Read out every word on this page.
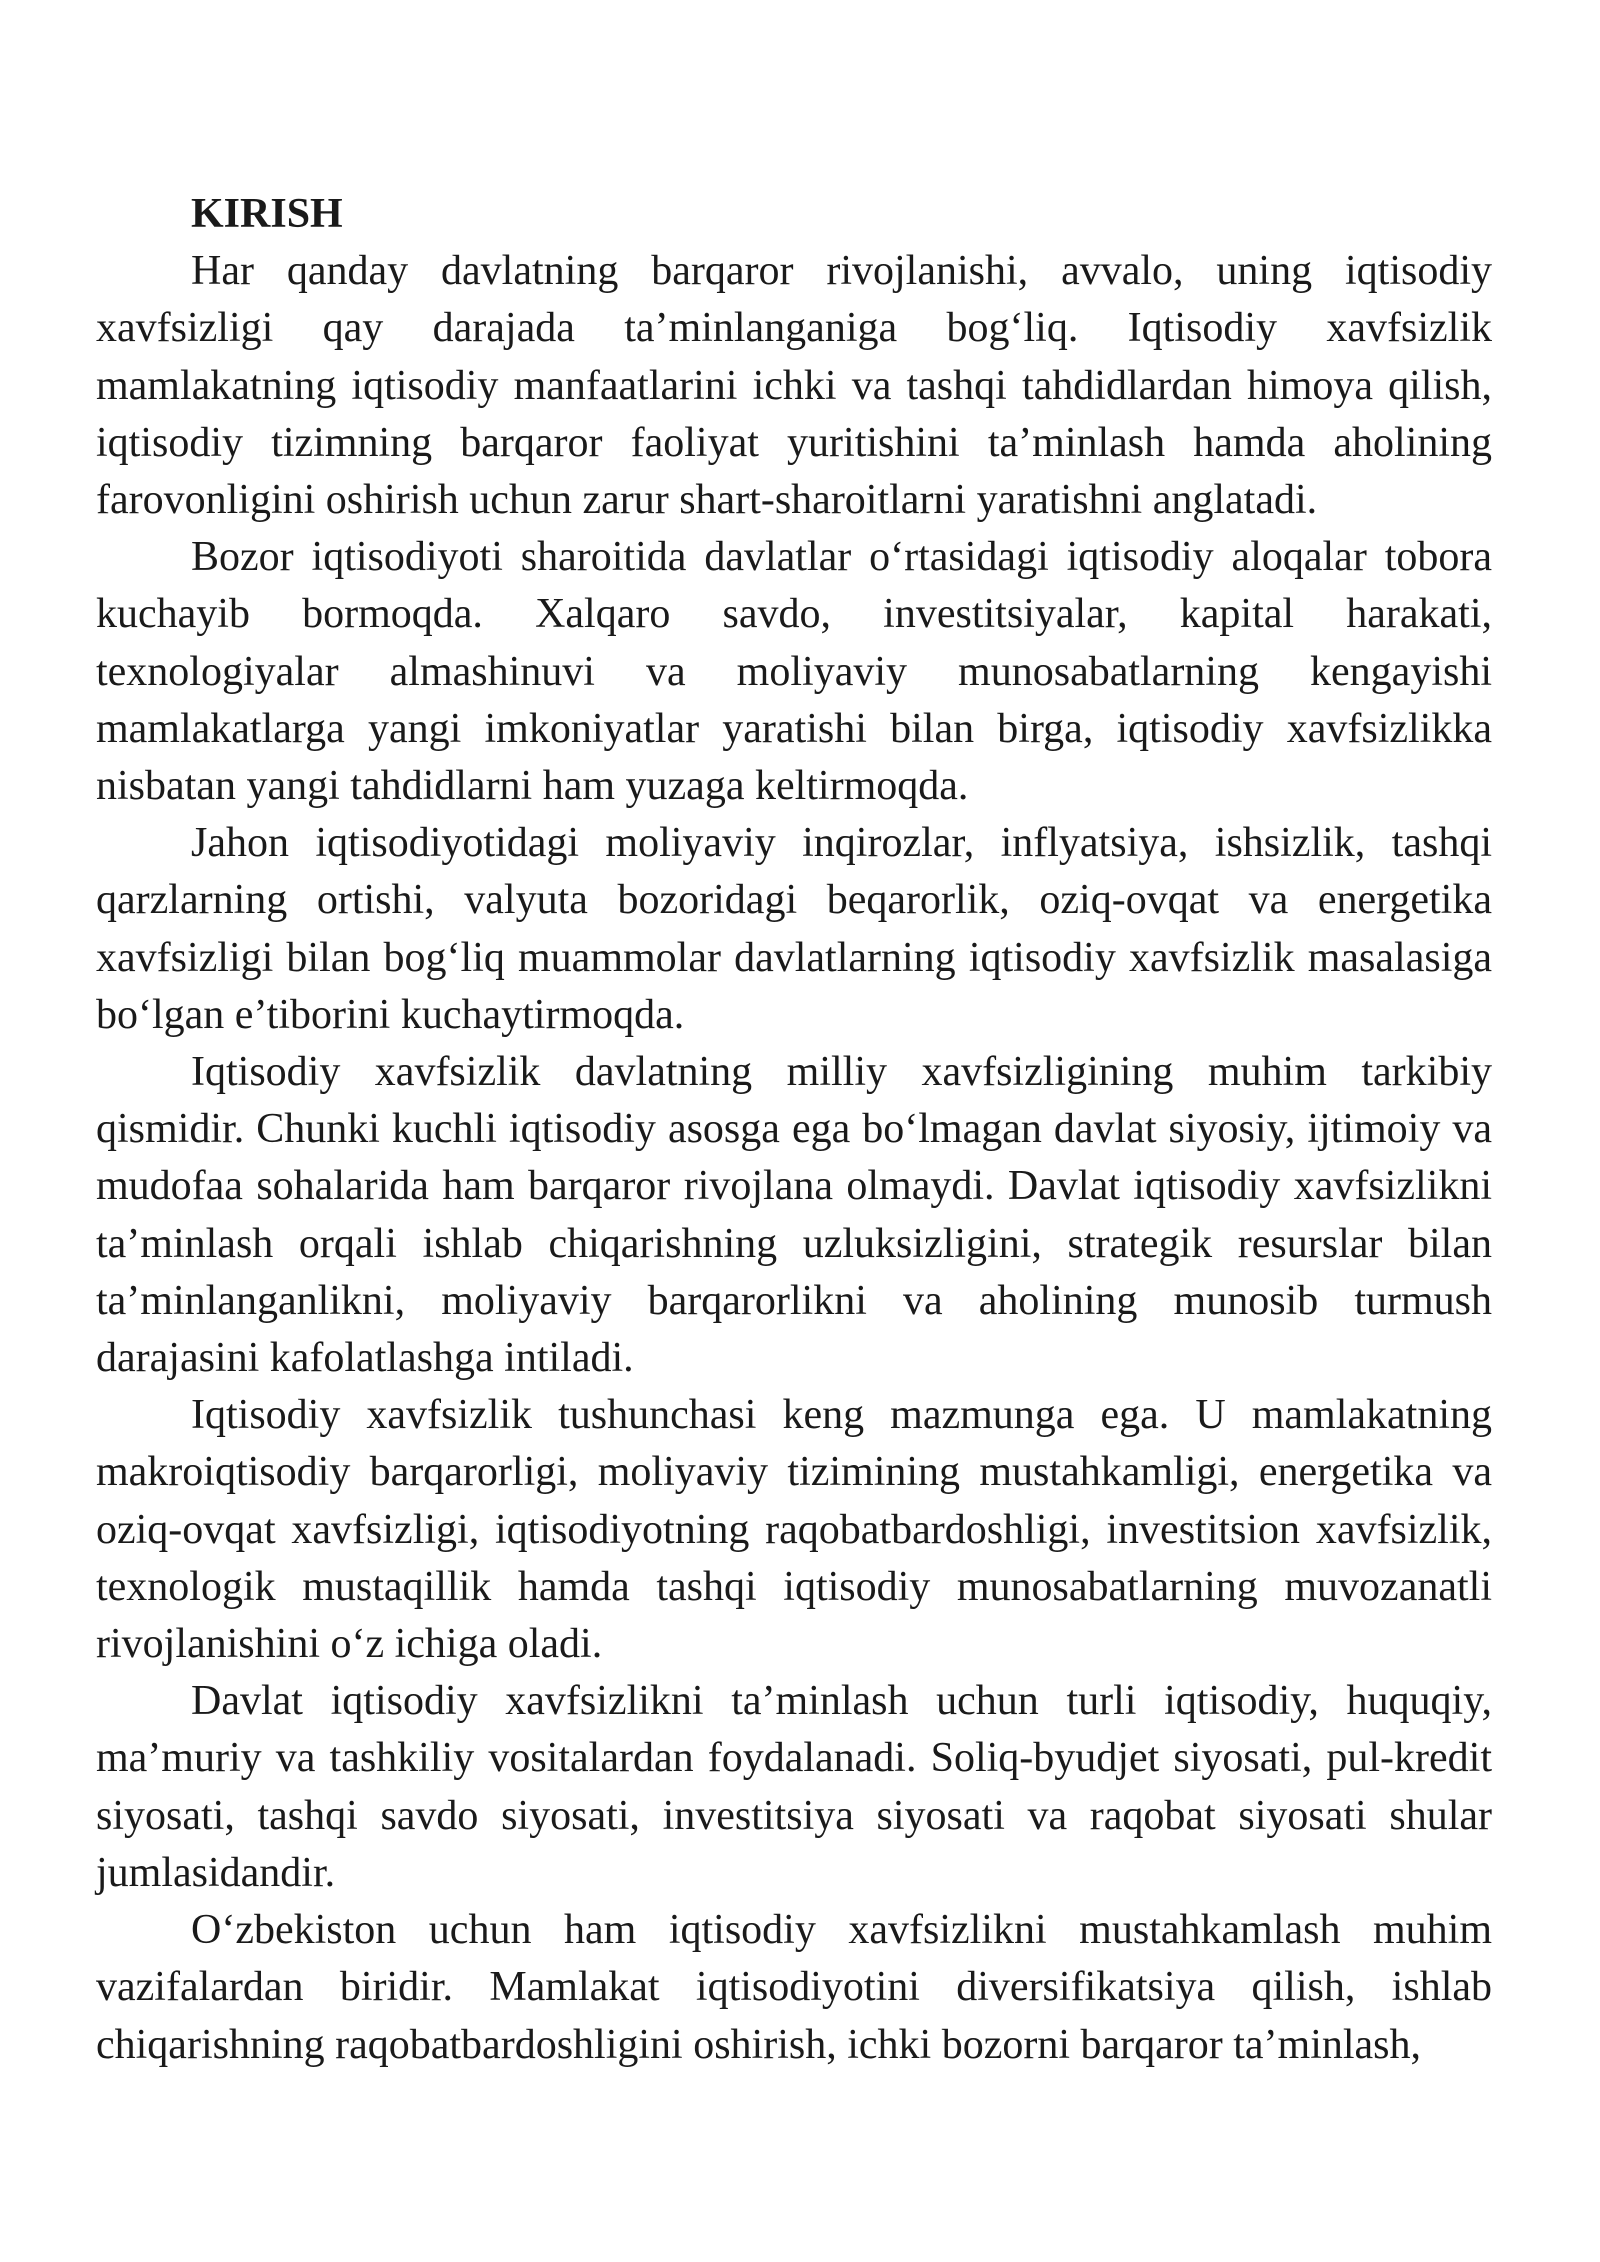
KIRISH

Har qanday davlatning barqaror rivojlanishi, avvalo, uning iqtisodiy xavfsizligi qay darajada ta’minlanganiga bog‘liq. Iqtisodiy xavfsizlik mamlakatning iqtisodiy manfaatlarini ichki va tashqi tahdidlardan himoya qilish, iqtisodiy tizimning barqaror faoliyat yuritishini ta’minlash hamda aholining farovonligini oshirish uchun zarur shart-sharoitlarni yaratishni anglatadi.

Bozor iqtisodiyoti sharoitida davlatlar o‘rtasidagi iqtisodiy aloqalar tobora kuchayib bormoqda. Xalqaro savdo, investitsiyalar, kapital harakati, texnologiyalar almashinuvi va moliyaviy munosabatlarning kengayishi mamlakatlarga yangi imkoniyatlar yaratishi bilan birga, iqtisodiy xavfsizlikka nisbatan yangi tahdidlarni ham yuzaga keltirmoqda.

Jahon iqtisodiyotidagi moliyaviy inqirozlar, inflyatsiya, ishsizlik, tashqi qarzlarning ortishi, valyuta bozoridagi beqarorlik, oziq-ovqat va energetika xavfsizligi bilan bog‘liq muammolar davlatlarning iqtisodiy xavfsizlik masalasiga bo‘lgan e’tiborini kuchaytirmoqda.

Iqtisodiy xavfsizlik davlatning milliy xavfsizligining muhim tarkibiy qismidir. Chunki kuchli iqtisodiy asosga ega bo‘lmagan davlat siyosiy, ijtimoiy va mudofaa sohalarida ham barqaror rivojlana olmaydi. Davlat iqtisodiy xavfsizlikni ta’minlash orqali ishlab chiqarishning uzluksizligini, strategik resurslar bilan ta’minlanganlikni, moliyaviy barqarorlikni va aholining munosib turmush darajasini kafolatlashga intiladi.

Iqtisodiy xavfsizlik tushunchasi keng mazmunga ega. U mamlakatning makroiqtisodiy barqarorligi, moliyaviy tizimining mustahkamligi, energetika va oziq-ovqat xavfsizligi, iqtisodiyotning raqobatbardoshligi, investitsion xavfsizlik, texnologik mustaqillik hamda tashqi iqtisodiy munosabatlarning muvozanatli rivojlanishini o‘z ichiga oladi.

Davlat iqtisodiy xavfsizlikni ta’minlash uchun turli iqtisodiy, huquqiy, ma’muriy va tashkiliy vositalardan foydalanadi. Soliq-byudjet siyosati, pul-kredit siyosati, tashqi savdo siyosati, investitsiya siyosati va raqobat siyosati shular jumlasidandir.

O‘zbekiston uchun ham iqtisodiy xavfsizlikni mustahkamlash muhim vazifalardan biridir. Mamlakat iqtisodiyotini diversifikatsiya qilish, ishlab chiqarishning raqobatbardoshligini oshirish, ichki bozorni barqaror ta’minlash,
